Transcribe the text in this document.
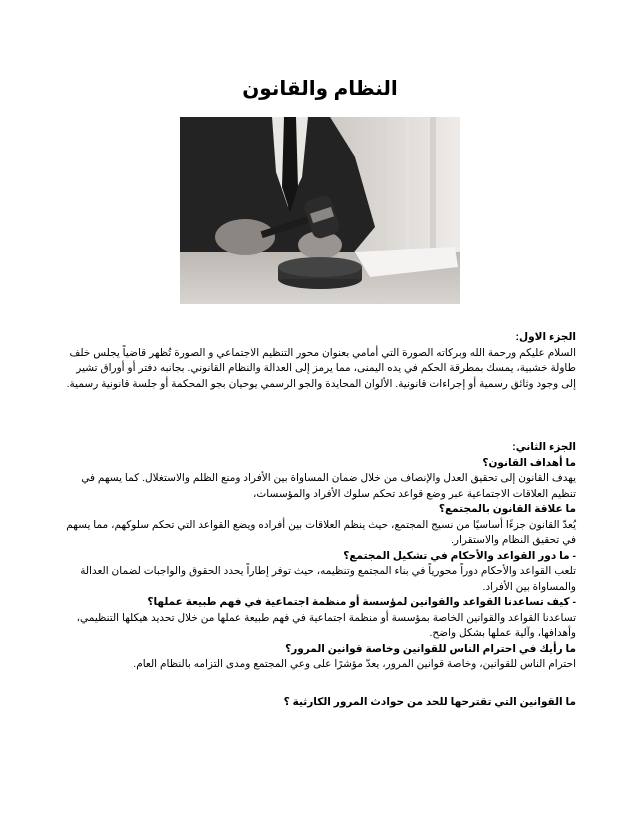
النظام والقانون

الجزء الاول:

السلام عليكم ورحمة الله وبركاته الصورة التي أمامي بعنوان محور التنظيم الاجتماعي و الصورة تُظهر قاضياً يجلس خلف طاولة خشبية، يمسك بمطرقة الحكم في يده اليمنى، مما يرمز إلى العدالة والنظام القانوني. بجانبه دفتر أو أوراق تشير إلى وجود وثائق رسمية أو إجراءات قانونية. الألوان المحايدة والجو الرسمي يوحيان بجو المحكمة أو جلسة قانونية رسمية.

الجزء الثاني:

ما أهداف القانون؟

يهدف القانون إلى تحقيق العدل والإنصاف من خلال ضمان المساواة بين الأفراد ومنع الظلم والاستغلال. كما يسهم في تنظيم العلاقات الاجتماعية عبر وضع قواعد تحكم سلوك الأفراد والمؤسسات،

ما علاقة القانون بالمجتمع؟

يُعدّ القانون جزءًا أساسيًا من نسيج المجتمع، حيث ينظم العلاقات بين أفراده ويضع القواعد التي تحكم سلوكهم، مما يسهم في تحقيق النظام والاستقرار.

- ما دور القواعد والأحكام في تشكيل المجتمع؟

تلعب القواعد والأحكام دوراً محورياً في بناء المجتمع وتنظيمه، حيث توفر إطاراً يحدد الحقوق والواجبات لضمان العدالة والمساواة بين الأفراد.

- كيف تساعدنا القواعد والقوانين لمؤسسة أو منظمة اجتماعية في فهم طبيعة عملها؟

تساعدنا القواعد والقوانين الخاصة بمؤسسة أو منظمة اجتماعية في فهم طبيعة عملها من خلال تحديد هيكلها التنظيمي، وأهدافها، وآلية عملها بشكل واضح.

ما رأيك في احترام الناس للقوانين وخاصة قوانين المرور؟

احترام الناس للقوانين، وخاصة قوانين المرور، يعدّ مؤشرًا على وعي المجتمع ومدى التزامه بالنظام العام.

ما القوانين التي تقترحها للحد من حوادث المرور الكارثية ؟
